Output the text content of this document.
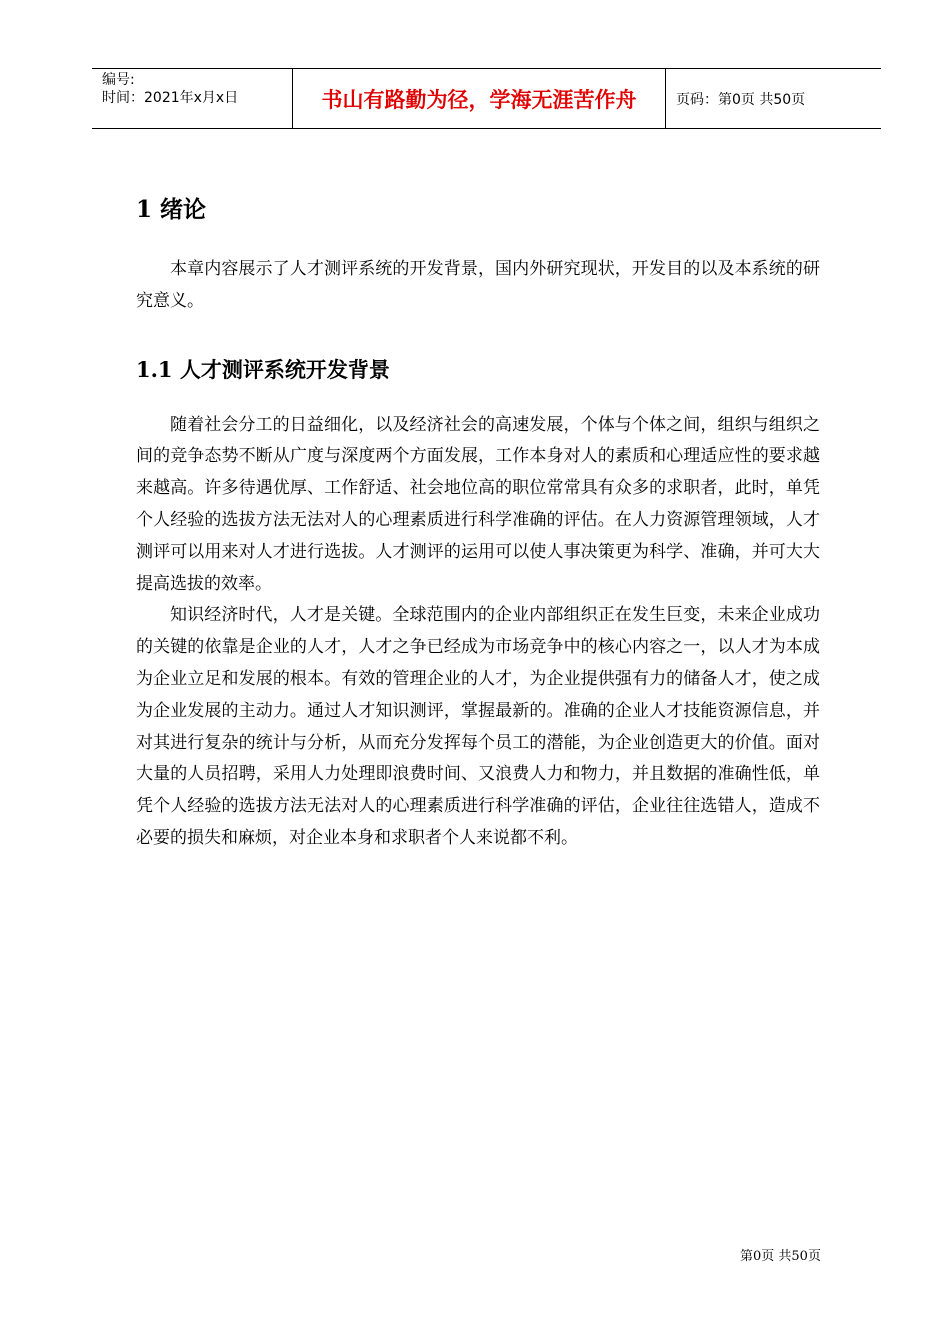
编号:
时间：2021年x月x日	书山有路勤为径，学海无涯苦作舟	页码：第0页 共50页
1 绪论

本章内容展示了人才测评系统的开发背景，国内外研究现状，开发目的以及本系统的研究意义。

1.1 人才测评系统开发背景

随着社会分工的日益细化，以及经济社会的高速发展，个体与个体之间，组织与组织之间的竞争态势不断从广度与深度两个方面发展，工作本身对人的素质和心理适应性的要求越来越高。许多待遇优厚、工作舒适、社会地位高的职位常常具有众多的求职者，此时，单凭个人经验的选拔方法无法对人的心理素质进行科学准确的评估。在人力资源管理领域，人才测评可以用来对人才进行选拔。人才测评的运用可以使人事决策更为科学、准确，并可大大提高选拔的效率。

知识经济时代，人才是关键。全球范围内的企业内部组织正在发生巨变，未来企业成功的关键的依靠是企业的人才，人才之争已经成为市场竞争中的核心内容之一，以人才为本成为企业立足和发展的根本。有效的管理企业的人才，为企业提供强有力的储备人才，使之成为企业发展的主动力。通过人才知识测评，掌握最新的。准确的企业人才技能资源信息，并对其进行复杂的统计与分析，从而充分发挥每个员工的潜能，为企业创造更大的价值。面对大量的人员招聘，采用人力处理即浪费时间、又浪费人力和物力，并且数据的准确性低，单凭个人经验的选拔方法无法对人的心理素质进行科学准确的评估，企业往往选错人，造成不必要的损失和麻烦，对企业本身和求职者个人来说都不利。

第0页 共50页
